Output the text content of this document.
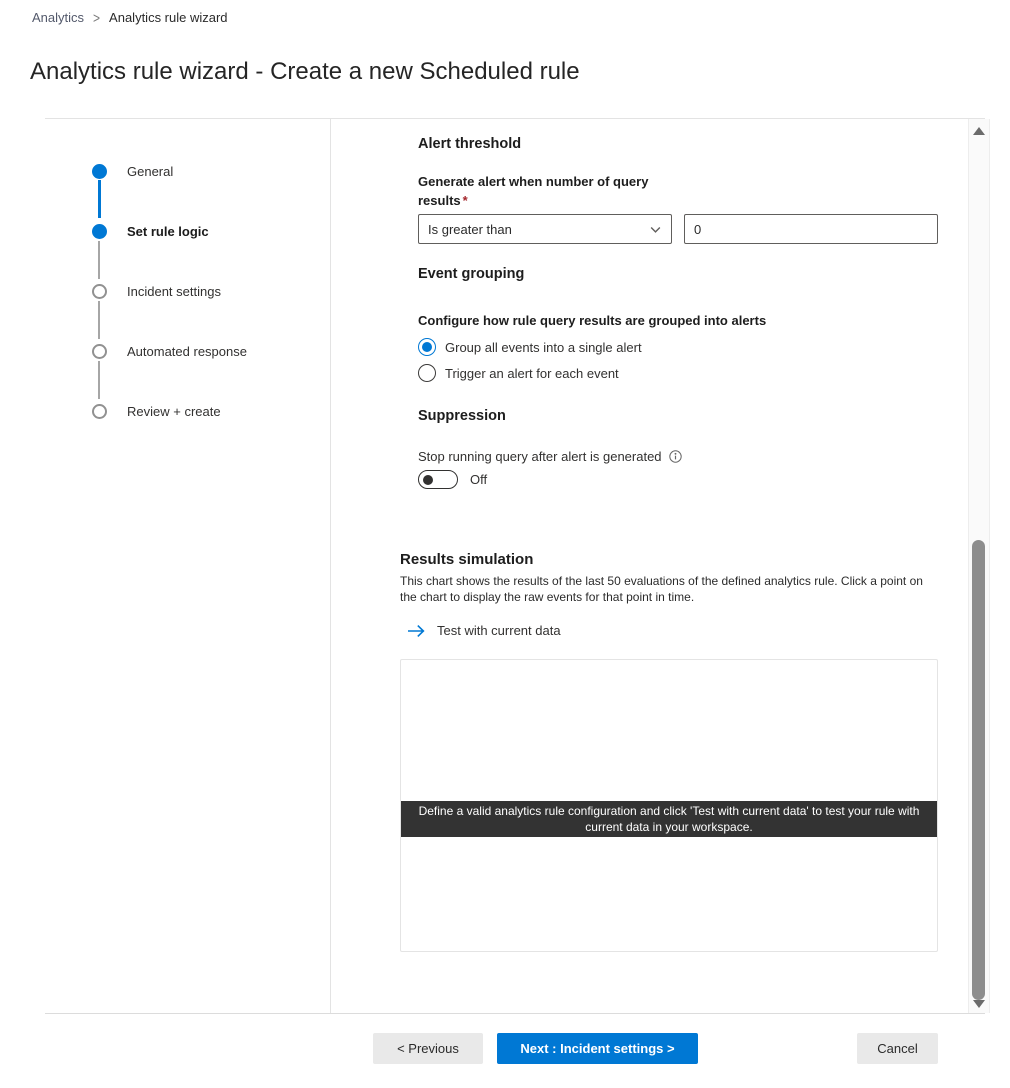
Analytics > Analytics rule wizard
Analytics rule wizard - Create a new Scheduled rule
General
Set rule logic
Incident settings
Automated response
Review + create
Alert threshold
Generate alert when number of query results *
Is greater than
0
Event grouping
Configure how rule query results are grouped into alerts
Group all events into a single alert
Trigger an alert for each event
Suppression
Stop running query after alert is generated
Off
Results simulation
This chart shows the results of the last 50 evaluations of the defined analytics rule. Click a point on the chart to display the raw events for that point in time.
Test with current data
Define a valid analytics rule configuration and click 'Test with current data' to test your rule with current data in your workspace.
< Previous	Next : Incident settings >	Cancel
